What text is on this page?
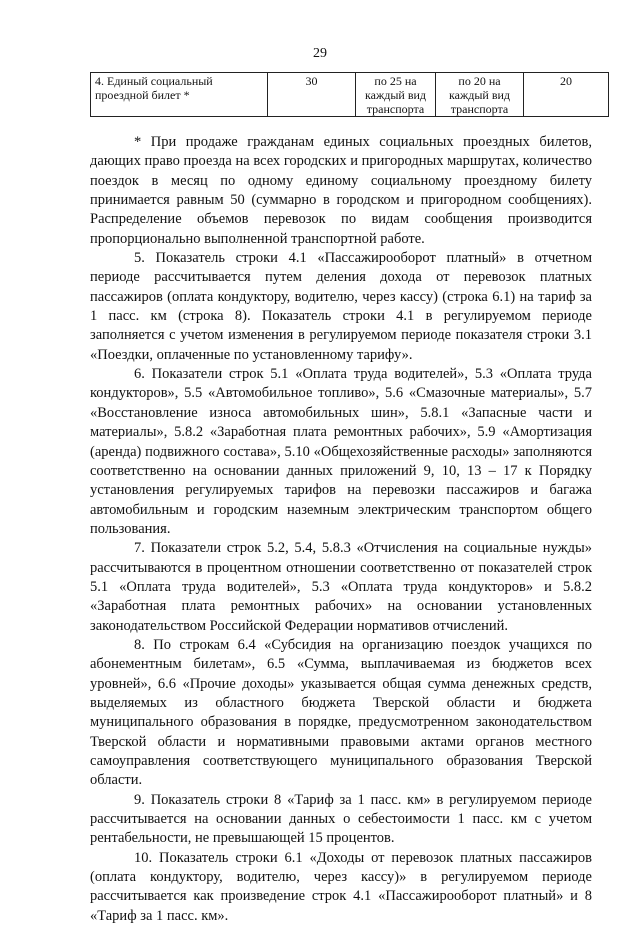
29
4. Единый социальный проездной билет *	30	по 25 на каждый вид транспорта	по 20 на каждый вид транспорта	20

* При продаже гражданам единых социальных проездных билетов, дающих право проезда на всех городских и пригородных маршрутах, количество поездок в месяц по одному единому социальному проездному билету принимается равным 50 (суммарно в городском и пригородном сообщениях). Распределение объемов перевозок по видам сообщения производится пропорционально выполненной транспортной работе.

5. Показатель строки 4.1 «Пассажирооборот платный» в отчетном периоде рассчитывается путем деления дохода от перевозок платных пассажиров (оплата кондуктору, водителю, через кассу) (строка 6.1) на тариф за 1 пасс. км (строка 8). Показатель строки 4.1 в регулируемом периоде заполняется с учетом изменения в регулируемом периоде показателя строки 3.1 «Поездки, оплаченные по установленному тарифу».

6. Показатели строк 5.1 «Оплата труда водителей», 5.3 «Оплата труда кондукторов», 5.5 «Автомобильное топливо», 5.6 «Смазочные материалы», 5.7 «Восстановление износа автомобильных шин», 5.8.1 «Запасные части и материалы», 5.8.2 «Заработная плата ремонтных рабочих», 5.9 «Амортизация (аренда) подвижного состава», 5.10 «Общехозяйственные расходы» заполняются соответственно на основании данных приложений 9, 10, 13 – 17 к Порядку установления регулируемых тарифов на перевозки пассажиров и багажа автомобильным и городским наземным электрическим транспортом общего пользования.

7. Показатели строк 5.2, 5.4, 5.8.3 «Отчисления на социальные нужды» рассчитываются в процентном отношении соответственно от показателей строк 5.1 «Оплата труда водителей», 5.3 «Оплата труда кондукторов» и 5.8.2 «Заработная плата ремонтных рабочих» на основании установленных законодательством Российской Федерации нормативов отчислений.

8. По строкам 6.4 «Субсидия на организацию поездок учащихся по абонементным билетам», 6.5 «Сумма, выплачиваемая из бюджетов всех уровней», 6.6 «Прочие доходы» указывается общая сумма денежных средств, выделяемых из областного бюджета Тверской области и бюджета муниципального образования в порядке, предусмотренном законодательством Тверской области и нормативными правовыми актами органов местного самоуправления соответствующего муниципального образования Тверской области.

9. Показатель строки 8 «Тариф за 1 пасс. км» в регулируемом периоде рассчитывается на основании данных о себестоимости 1 пасс. км с учетом рентабельности, не превышающей 15 процентов.

10. Показатель строки 6.1 «Доходы от перевозок платных пассажиров (оплата кондуктору, водителю, через кассу)» в регулируемом периоде рассчитывается как произведение строк 4.1 «Пассажирооборот платный» и 8 «Тариф за 1 пасс. км».
